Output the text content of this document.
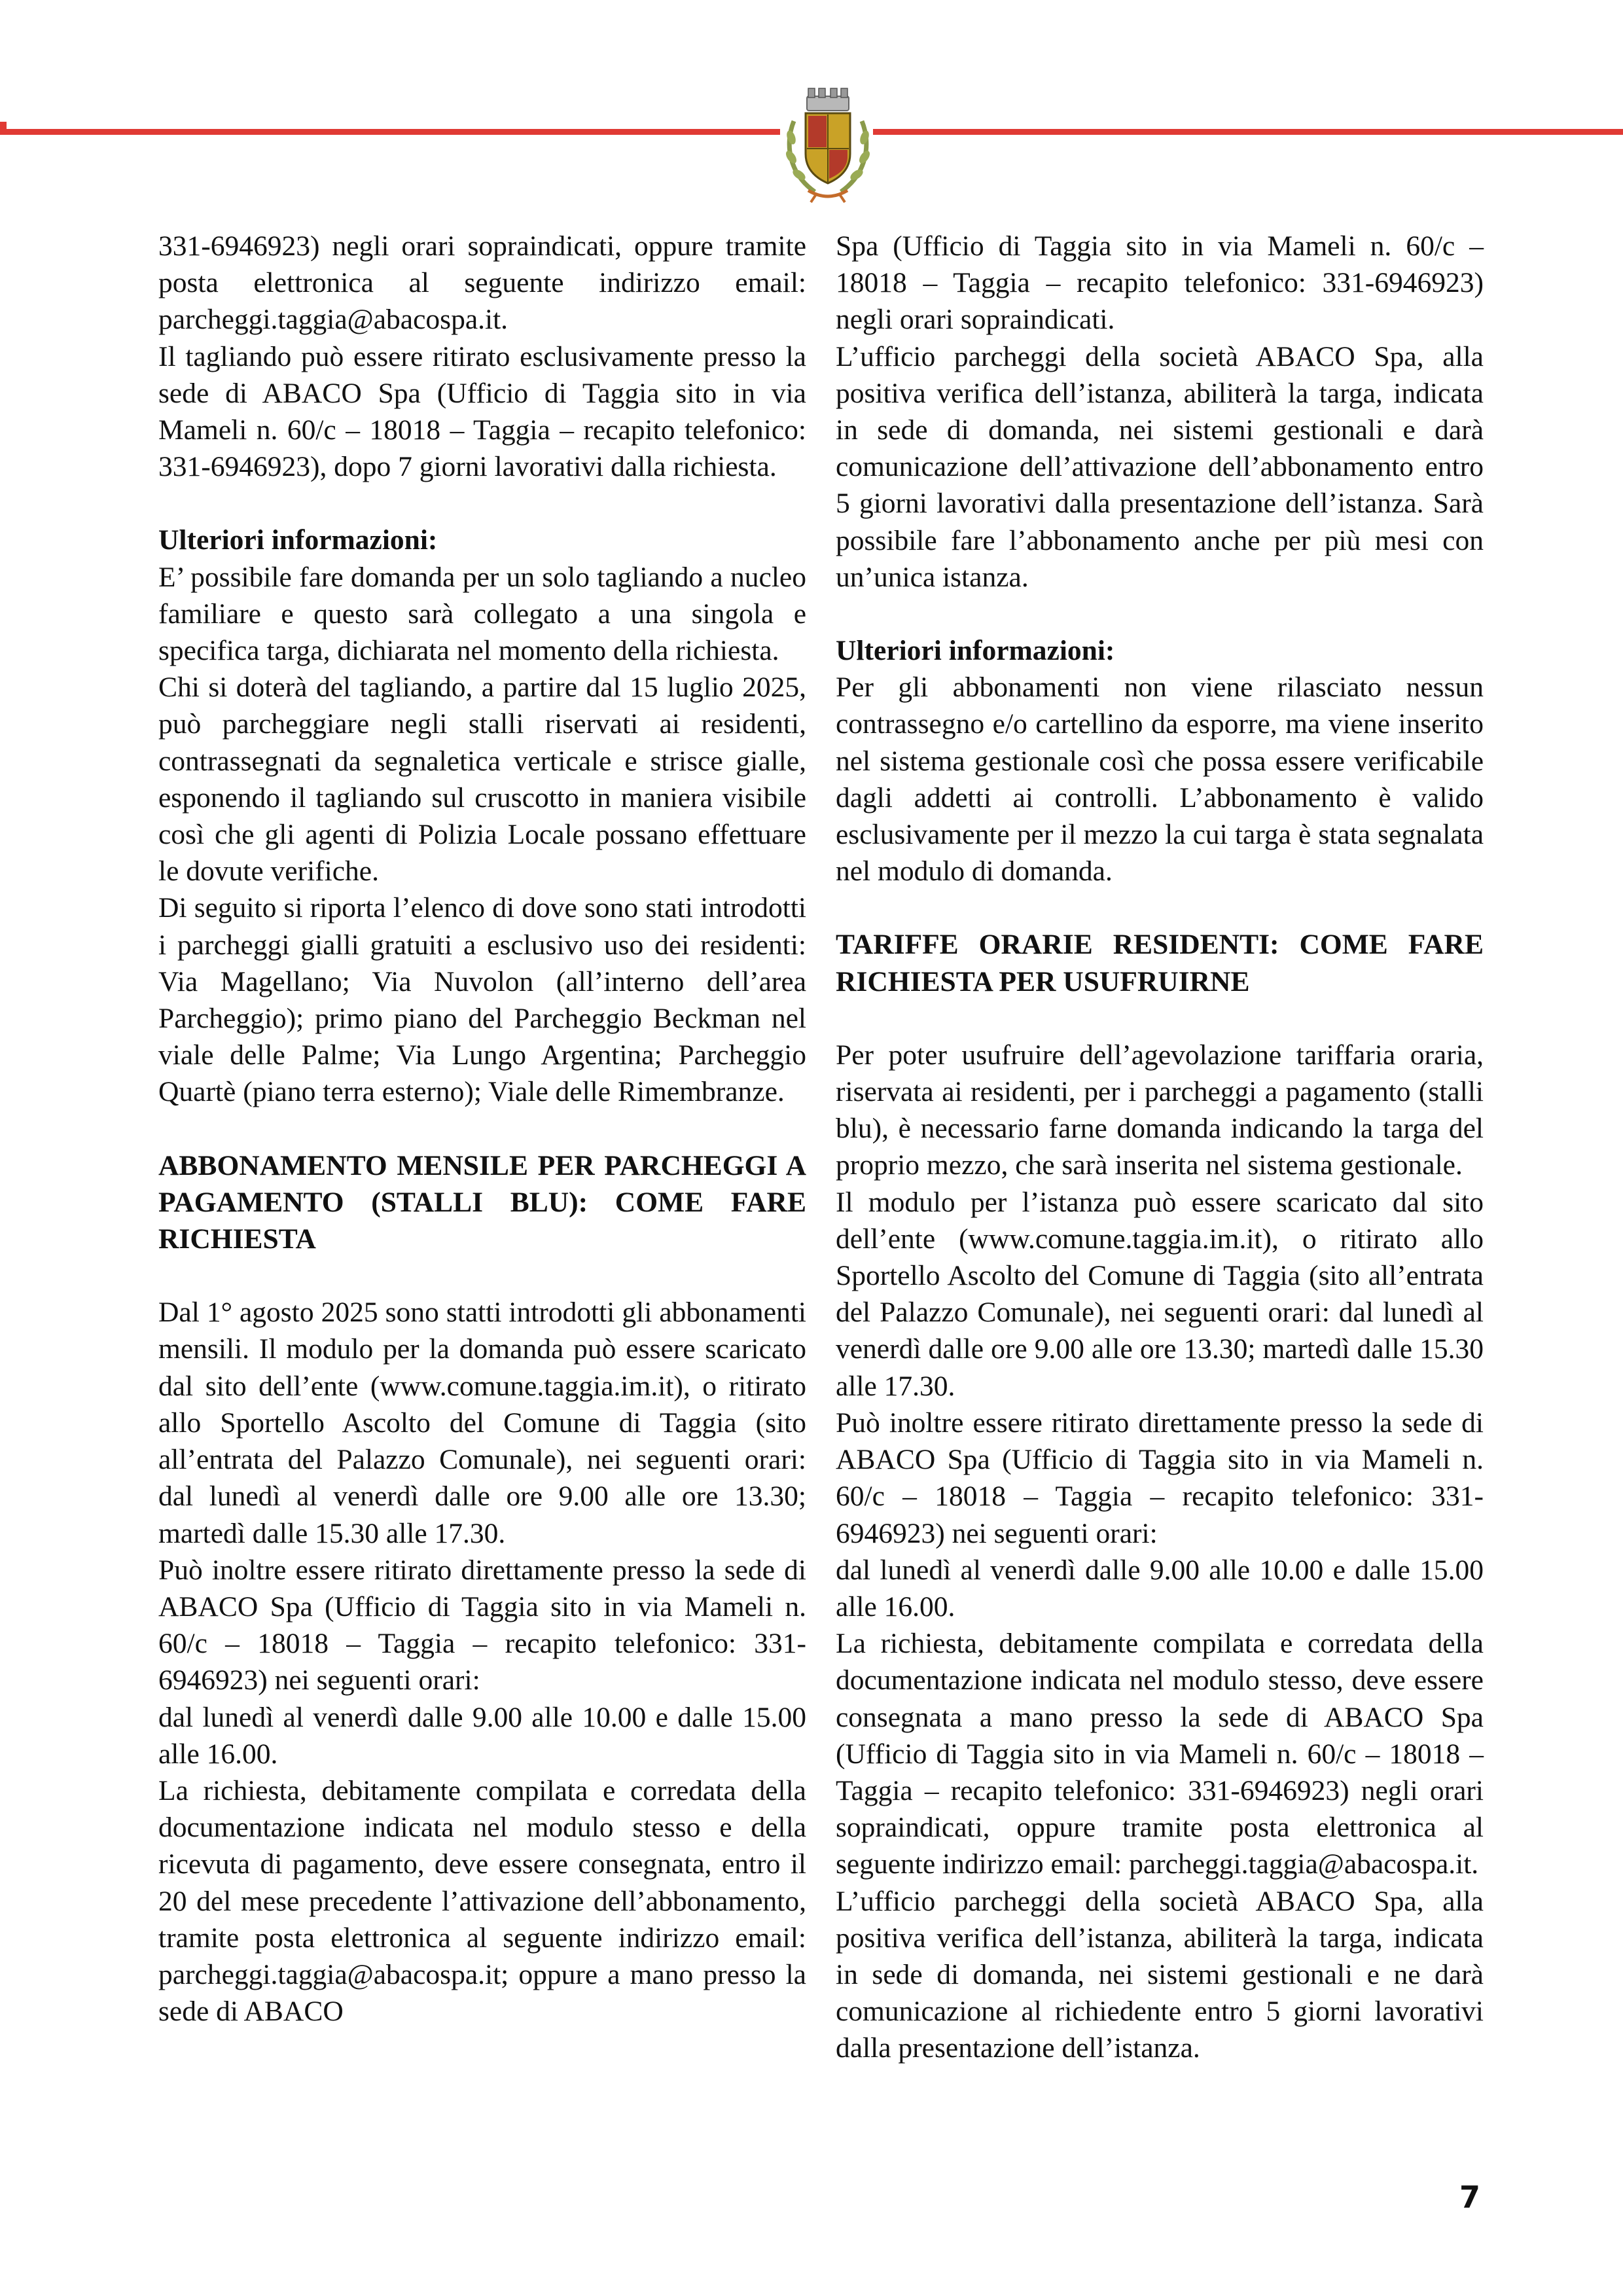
331-6946923) negli orari sopraindicati, oppure tramite posta elettronica al seguente indirizzo email: parcheggi.taggia@abacospa.it.

Il tagliando può essere ritirato esclusivamente presso la sede di ABACO Spa (Ufficio di Taggia sito in via Mameli n. 60/c – 18018 – Taggia – recapito telefonico: 331-6946923), dopo 7 giorni lavorativi dalla richiesta.

Ulteriori informazioni:

E’ possibile fare domanda per un solo tagliando a nucleo familiare e questo sarà collegato a una singola e specifica targa, dichiarata nel momento della richiesta.

Chi si doterà del tagliando, a partire dal 15 luglio 2025, può parcheggiare negli stalli riservati ai residenti, contrassegnati da segnaletica verticale e strisce gialle, esponendo il tagliando sul cruscotto in maniera visibile così che gli agenti di Polizia Locale possano effettuare le dovute verifiche.

Di seguito si riporta l’elenco di dove sono stati introdotti i parcheggi gialli gratuiti a esclusivo uso dei residenti: Via Magellano; Via Nuvolon (all’interno dell’area Parcheggio); primo piano del Parcheggio Beckman nel viale delle Palme; Via Lungo Argentina; Parcheggio Quartè (piano terra esterno); Viale delle Rimembranze.

ABBONAMENTO MENSILE PER PARCHEGGI A PAGAMENTO (STALLI BLU): COME FARE RICHIESTA

Dal 1° agosto 2025 sono statti introdotti gli abbonamenti mensili. Il modulo per la domanda può essere scaricato dal sito dell’ente (www.comune.taggia.im.it), o ritirato allo Sportello Ascolto del Comune di Taggia (sito all’entrata del Palazzo Comunale), nei seguenti orari: dal lunedì al venerdì dalle ore 9.00 alle ore 13.30; martedì dalle 15.30 alle 17.30.

Può inoltre essere ritirato direttamente presso la sede di ABACO Spa (Ufficio di Taggia sito in via Mameli n. 60/c – 18018 – Taggia – recapito telefonico: 331-6946923) nei seguenti orari:

dal lunedì al venerdì dalle 9.00 alle 10.00 e dalle 15.00 alle 16.00.

La richiesta, debitamente compilata e corredata della documentazione indicata nel modulo stesso e della ricevuta di pagamento, deve essere consegnata, entro il 20 del mese precedente l’attivazione dell’abbonamento, tramite posta elettronica al seguente indirizzo email: parcheggi.taggia@abacospa.it; oppure a mano presso la sede di ABACO

Spa (Ufficio di Taggia sito in via Mameli n. 60/c – 18018 – Taggia – recapito telefonico: 331-6946923) negli orari sopraindicati.

L’ufficio parcheggi della società ABACO Spa, alla positiva verifica dell’istanza, abiliterà la targa, indicata in sede di domanda, nei sistemi gestionali e darà comunicazione dell’attivazione dell’abbonamento entro 5 giorni lavorativi dalla presentazione dell’istanza. Sarà possibile fare l’abbonamento anche per più mesi con un’unica istanza.

Ulteriori informazioni:

Per gli abbonamenti non viene rilasciato nessun contrassegno e/o cartellino da esporre, ma viene inserito nel sistema gestionale così che possa essere verificabile dagli addetti ai controlli. L’abbonamento è valido esclusivamente per il mezzo la cui targa è stata segnalata nel modulo di domanda.

TARIFFE ORARIE RESIDENTI: COME FARE RICHIESTA PER USUFRUIRNE

Per poter usufruire dell’agevolazione tariffaria oraria, riservata ai residenti, per i parcheggi a pagamento (stalli blu), è necessario farne domanda indicando la targa del proprio mezzo, che sarà inserita nel sistema gestionale.

Il modulo per l’istanza può essere scaricato dal sito dell’ente (www.comune.taggia.im.it), o ritirato allo Sportello Ascolto del Comune di Taggia (sito all’entrata del Palazzo Comunale), nei seguenti orari: dal lunedì al venerdì dalle ore 9.00 alle ore 13.30; martedì dalle 15.30 alle 17.30.

Può inoltre essere ritirato direttamente presso la sede di ABACO Spa (Ufficio di Taggia sito in via Mameli n. 60/c – 18018 – Taggia – recapito telefonico: 331-6946923) nei seguenti orari:

dal lunedì al venerdì dalle 9.00 alle 10.00 e dalle 15.00 alle 16.00.

La richiesta, debitamente compilata e corredata della documentazione indicata nel modulo stesso, deve essere consegnata a mano presso la sede di ABACO Spa (Ufficio di Taggia sito in via Mameli n. 60/c – 18018 – Taggia – recapito telefonico: 331-6946923) negli orari sopraindicati, oppure tramite posta elettronica al seguente indirizzo email: parcheggi.taggia@abacospa.it.

L’ufficio parcheggi della società ABACO Spa, alla positiva verifica dell’istanza, abiliterà la targa, indicata in sede di domanda, nei sistemi gestionali e ne darà comunicazione al richiedente entro 5 giorni lavorativi dalla presentazione dell’istanza.

7
